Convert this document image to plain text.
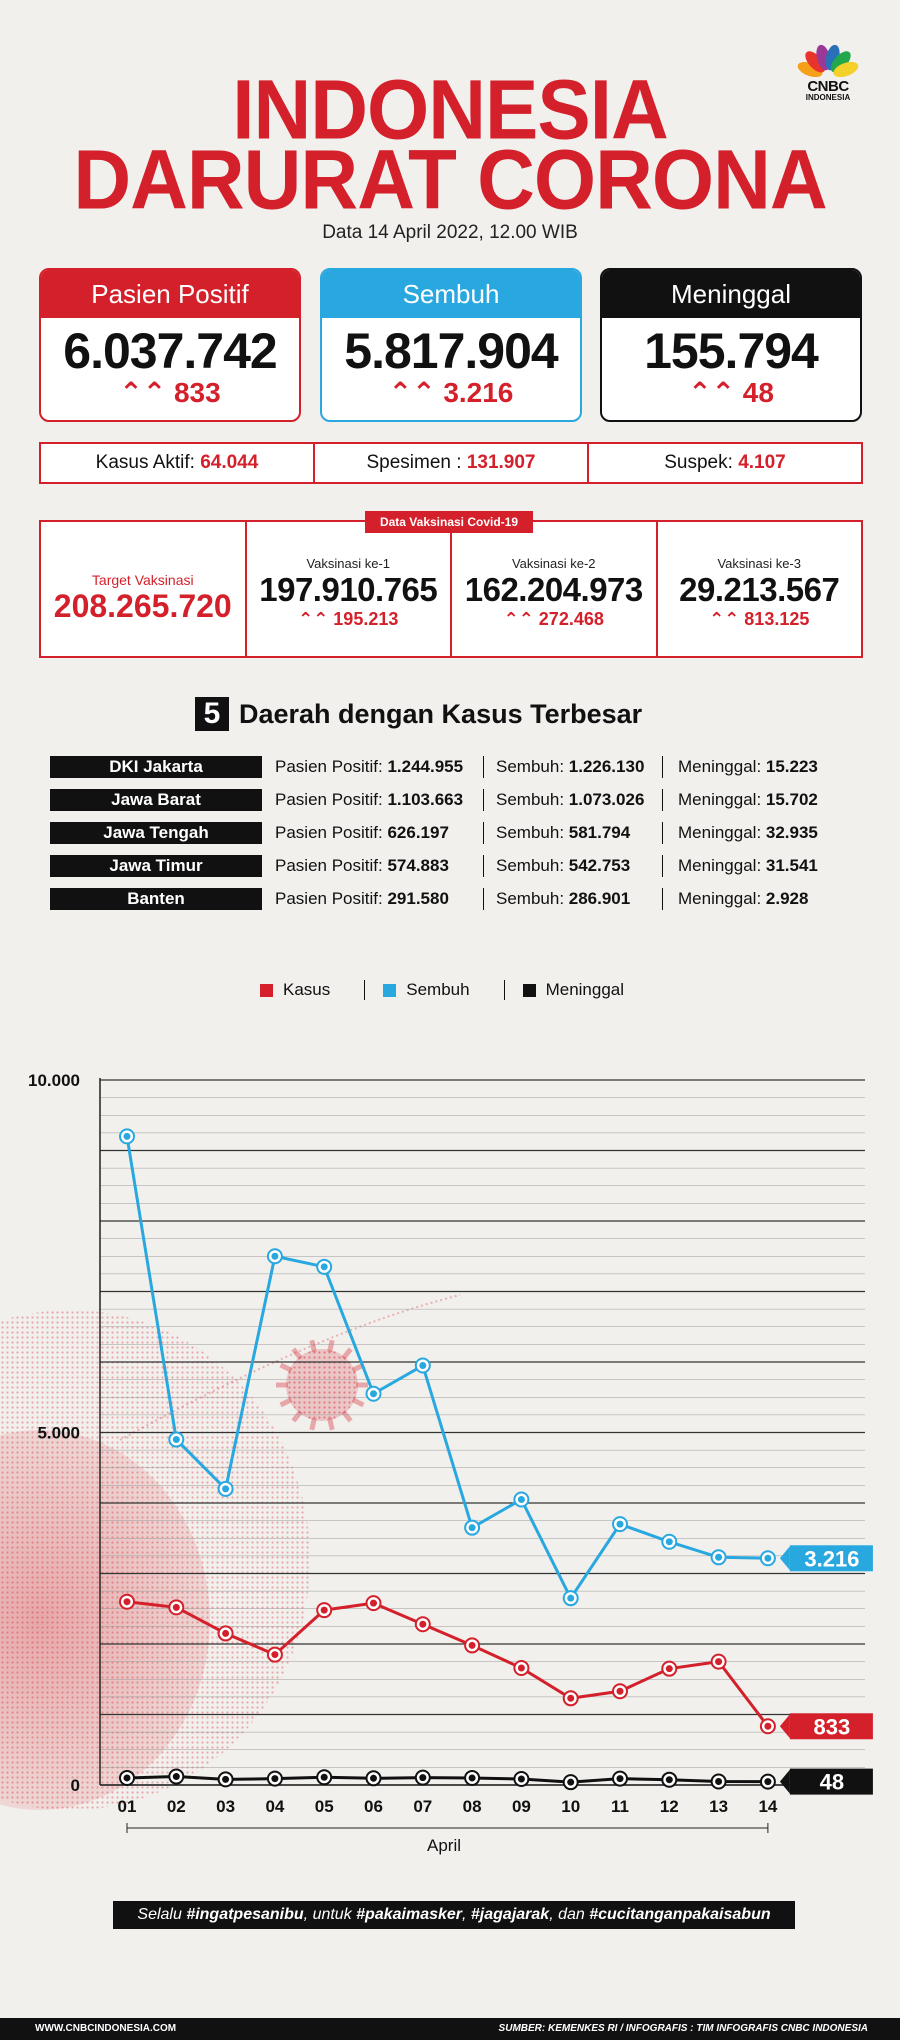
CNBC
INDONESIA
INDONESIA
DARURAT CORONA
Data 14 April 2022, 12.00 WIB
Pasien Positif
6.037.742
⌃⌃ 833
Sembuh
5.817.904
⌃⌃ 3.216
Meninggal
155.794
⌃⌃ 48
Kasus Aktif: 64.044	Spesimen : 131.907	Suspek: 4.107
Target Vaksinasi
208.265.720
Vaksinasi ke-1
197.910.765
⌃⌃ 195.213
Vaksinasi ke-2
162.204.973
⌃⌃ 272.468
Vaksinasi ke-3
29.213.567
⌃⌃ 813.125
Data Vaksinasi Covid-19
5 Daerah dengan Kasus Terbesar
DKI Jakarta	Pasien Positif: 1.244.955 Sembuh: 1.226.130 Meninggal: 15.223
Jawa Barat	Pasien Positif: 1.103.663 Sembuh: 1.073.026 Meninggal: 15.702
Jawa Tengah	Pasien Positif: 626.197	Sembuh: 581.794	Meninggal: 32.935
Jawa Timur	Pasien Positif: 574.883	Sembuh: 542.753	Meninggal: 31.541
Banten	Pasien Positif: 291.580	Sembuh: 286.901	Meninggal: 2.928
Kasus	Sembuh	Meninggal
0
5.000
10.000
01 02 03 04 05 06 07 08 09 10 11 12 13 14
April
833
3.216
48
Selalu #ingatpesanibu, untuk #pakaimasker, #jagajarak, dan #cucitanganpakaisabun
WWW.CNBCINDONESIA.COM	SUMBER: KEMENKES RI / INFOGRAFIS : TIM INFOGRAFIS CNBC INDONESIA
